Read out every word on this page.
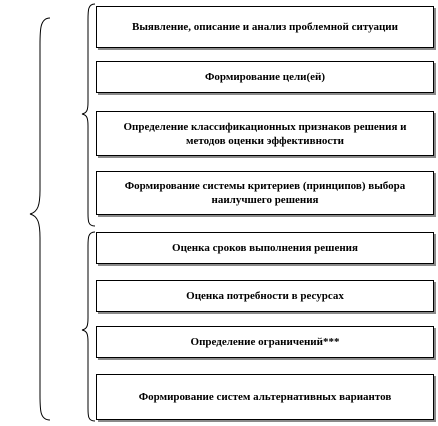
Выявление, описание и анализ проблемной ситуации
Формирование цели(ей)
Определение классификационных признаков решения и методов оценки эффективности
Формирование системы критериев (принципов) выбора наилучшего решения
Оценка сроков выполнения решения
Оценка потребности в ресурсах
Определение ограничений***
Формирование систем альтернативных вариантов
